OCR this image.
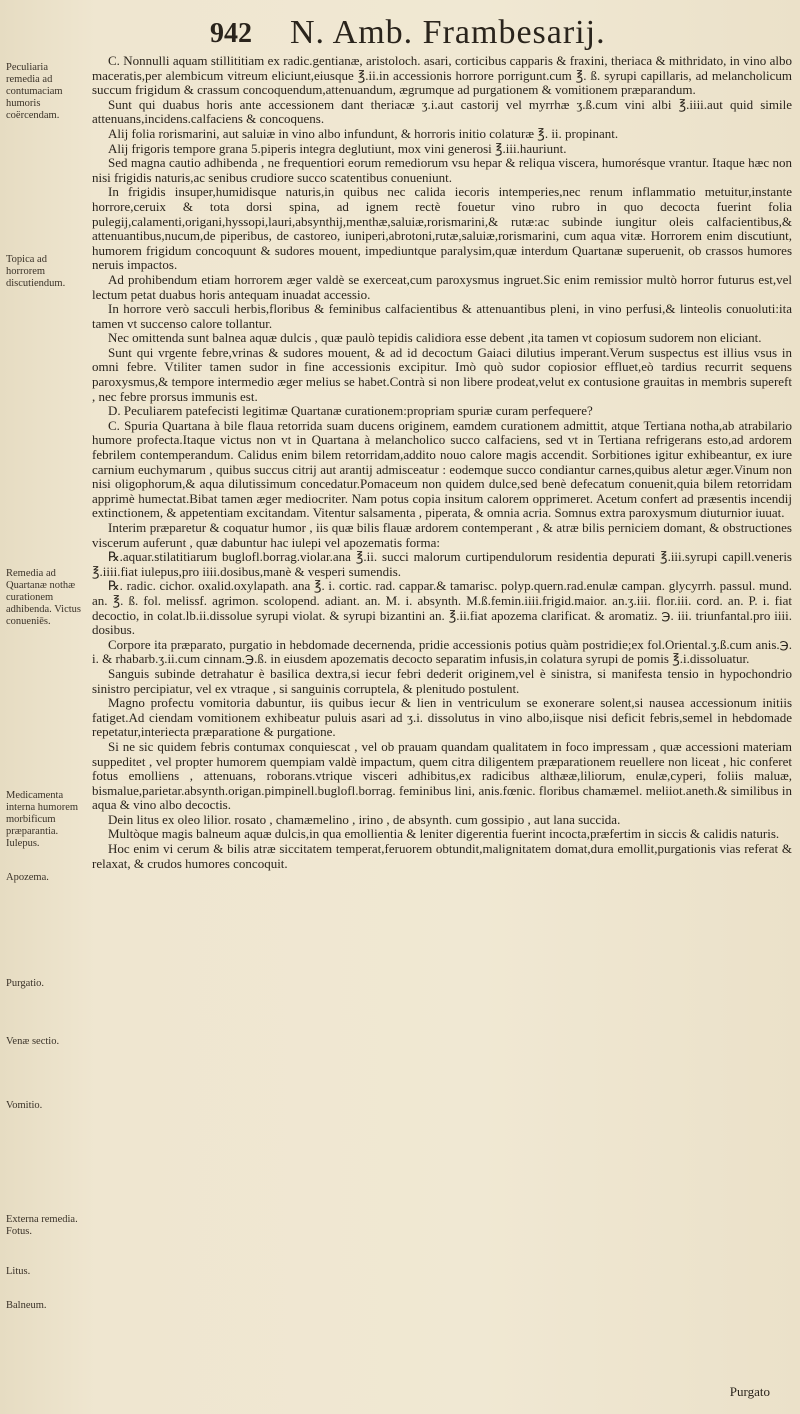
942 N. Amb. Frambesarij.
Peculiaria remedia ad contumaciam humoris coërcendam.
Topica ad horrorem discutiendum.
Remedia ad Quartanæ nothæ curationem adhibenda. Victus conueniēs.
Medicamenta interna humorem morbificum præparantia. Iulepus.
Apozema.
Purgatio.
Venæ sectio.
Vomitio.
Externa remedia. Fotus.
Litus.
Balneum.

C. Nonnulli aquam stillititiam ex radic.gentianæ, aristoloch. asari, corticibus capparis & fraxini, theriaca & mithridato, in vino albo maceratis,per alembicum vitreum eliciunt,eiusque ℥.ii.in accessionis horrore porrigunt.cum ℥. ß. syrupi capillaris, ad melancholicum succum frigidum & crassum concoquendum,attenuandum, ægrumque ad purgationem & vomitionem præparandum.

Sunt qui duabus horis ante accessionem dant theriacæ ʒ.i.aut castorij vel myrrhæ ʒ.ß.cum vini albi ℥.iiii.aut quid simile attenuans,incidens.calfaciens & concoquens.

Alij folia rorismarini, aut saluiæ in vino albo infundunt, & horroris initio colaturæ ℥. ii. propinant.

Alij frigoris tempore grana 5.piperis integra deglutiunt, mox vini generosi ℥.iii.hauriunt.

Sed magna cautio adhibenda , ne frequentiori eorum remediorum vsu hepar & reliqua viscera, humorésque vrantur. Itaque hæc non nisi frigidis naturis,ac senibus crudiore succo scatentibus conueniunt.

In frigidis insuper,humidisque naturis,in quibus nec calida iecoris intemperies,nec renum inflammatio metuitur,instante horrore,ceruix & tota dorsi spina, ad ignem rectè fouetur vino rubro in quo decocta fuerint folia pulegij,calamenti,origani,hyssopi,lauri,absynthij,menthæ,saluiæ,rorismarini,& rutæ:ac subinde iungitur oleis calfacientibus,& attenuantibus,nucum,de piperibus, de castoreo, iuniperi,abrotoni,rutæ,saluiæ,rorismarini, cum aqua vitæ. Horrorem enim discutiunt, humorem frigidum concoquunt & sudores mouent, impediuntque paralysim,quæ interdum Quartanæ superuenit, ob crassos humores neruis impactos.

Ad prohibendum etiam horrorem æger valdè se exerceat,cum paroxysmus ingruet.Sic enim remissior multò horror futurus est,vel lectum petat duabus horis antequam inuadat accessio.

In horrore verò sacculi herbis,floribus & feminibus calfacientibus & attenuantibus pleni, in vino perfusi,& linteolis conuoluti:ita tamen vt succenso calore tollantur.

Nec omittenda sunt balnea aquæ dulcis , quæ paulò tepidis calidiora esse debent ,ita tamen vt copiosum sudorem non eliciant.

Sunt qui vrgente febre,vrinas & sudores mouent, & ad id decoctum Gaiaci dilutius imperant.Verum suspectus est illius vsus in omni febre. Vtiliter tamen sudor in fine accessionis excipitur. Imò quò sudor copiosior effluet,eò tardius recurrit sequens paroxysmus,& tempore intermedio æger melius se habet.Contrà si non libere prodeat,velut ex contusione grauitas in membris supereft , nec febre prorsus immunis est.

D. Peculiarem patefecisti legitimæ Quartanæ curationem:propriam spuriæ curam perfequere?

C. Spuria Quartana à bile flaua retorrida suam ducens originem, eamdem curationem admittit, atque Tertiana notha,ab atrabilario humore profecta.Itaque victus non vt in Quartana à melancholico succo calfaciens, sed vt in Tertiana refrigerans esto,ad ardorem febrilem contemperandum. Calidus enim bilem retorridam,addito nouo calore magis accendit. Sorbitiones igitur exhibeantur, ex iure carnium euchymarum , quibus succus citrij aut arantij admisceatur : eodemque succo condiantur carnes,quibus aletur æger.Vinum non nisi oligophorum,& aqua dilutissimum concedatur.Pomaceum non quidem dulce,sed benè defecatum conuenit,quia bilem retorridam apprimè humectat.Bibat tamen æger mediocriter. Nam potus copia insitum calorem opprimeret. Acetum confert ad præsentis incendij extinctionem, & appetentiam excitandam. Vitentur salsamenta , piperata, & omnia acria. Somnus extra paroxysmum diuturnior iuuat.

Interim præparetur & coquatur humor , iis quæ bilis flauæ ardorem contemperant , & atræ bilis perniciem domant, & obstructiones viscerum auferunt , quæ dabuntur hac iulepi vel apozematis forma:

℞.aquar.stilatitiarum buglofl.borrag.violar.ana ℥.ii. succi malorum curtipendulorum residentia depurati ℥.iii.syrupi capill.veneris ℥.iiii.fiat iulepus,pro iiii.dosibus,manè & vesperi sumendis.

℞. radic. cichor. oxalid.oxylapath. ana ℥. i. cortic. rad. cappar.& tamarisc. polyp.quern.rad.enulæ campan. glycyrrh. passul. mund. an. ℥. ß. fol. melissf. agrimon. scolopend. adiant. an. M. i. absynth. M.ß.femin.iiii.frigid.maior. an.ʒ.iii. flor.iii. cord. an. P. i. fiat decoctio, in colat.lb.ii.dissolue syrupi violat. & syrupi bizantini an. ℥.ii.fiat apozema clarificat. & aromatiz. ℈. iii. triunfantal.pro iiii. dosibus.

Corpore ita præparato, purgatio in hebdomade decernenda, pridie accessionis potius quàm postridie;ex fol.Oriental.ʒ.ß.cum anis.℈. i. & rhabarb.ʒ.ii.cum cinnam.℈.ß. in eiusdem apozematis decocto separatim infusis,in colatura syrupi de pomis ℥.i.dissoluatur.

Sanguis subinde detrahatur è basilica dextra,si iecur febri dederit originem,vel è sinistra, si manifesta tensio in hypochondrio sinistro percipiatur, vel ex vtraque , si sanguinis corruptela, & plenitudo postulent.

Magno profectu vomitoria dabuntur, iis quibus iecur & lien in ventriculum se exonerare solent,si nausea accessionum initiis fatiget.Ad ciendam vomitionem exhibeatur puluis asari ad ʒ.i. dissolutus in vino albo,iisque nisi deficit febris,semel in hebdomade repetatur,interiecta præparatione & purgatione.

Si ne sic quidem febris contumax conquiescat , vel ob prauam quandam qualitatem in foco impressam , quæ accessioni materiam suppeditet , vel propter humorem quempiam valdè impactum, quem citra diligentem præparationem reuellere non liceat , hic conferet fotus emolliens , attenuans, roborans.vtrique visceri adhibitus,ex radicibus althææ,liliorum, enulæ,cyperi, foliis maluæ, bismalue,parietar.absynth.origan.pimpinell.buglofl.borrag. feminibus lini, anis.fœnic. floribus chamæmel. meliiot.aneth.& similibus in aqua & vino albo decoctis.

Dein litus ex oleo lilior. rosato , chamæmelino , irino , de absynth. cum gossipio , aut lana succida.

Multòque magis balneum aquæ dulcis,in qua emollientia & leniter digerentia fuerint incocta,præfertim in siccis & calidis naturis.

Hoc enim vi cerum & bilis atræ siccitatem temperat,feruorem obtundit,malignitatem domat,dura emollit,purgationis vias referat & relaxat, & crudos humores concoquit.

Purgato
